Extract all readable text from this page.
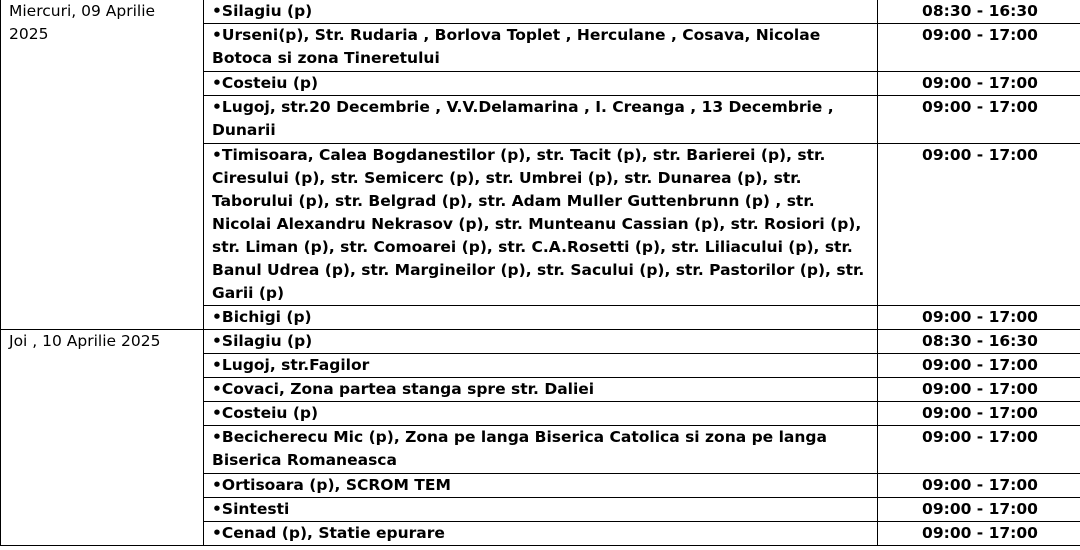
Miercuri, 09 Aprilie 2025	•Silagiu (p)	08:30 - 16:30
	•Urseni(p), Str. Rudaria , Borlova Toplet , Herculane , Cosava, Nicolae Botoca si zona Tineretului	09:00 - 17:00
	•Costeiu (p)	09:00 - 17:00
	•Lugoj, str.20 Decembrie , V.V.Delamarina , I. Creanga , 13 Decembrie , Dunarii	09:00 - 17:00
	•Timisoara, Calea Bogdanestilor (p), str. Tacit (p), str. Barierei (p), str. Ciresului (p), str. Semicerc (p), str. Umbrei (p), str. Dunarea (p), str. Taborului (p), str. Belgrad (p), str. Adam Muller Guttenbrunn (p) , str. Nicolai Alexandru Nekrasov (p), str. Munteanu Cassian (p), str. Rosiori (p), str. Liman (p), str. Comoarei (p), str. C.A.Rosetti (p), str. Liliacului (p), str. Banul Udrea (p), str. Margineilor (p), str. Sacului (p), str. Pastorilor (p), str. Garii (p)	09:00 - 17:00
	•Bichigi (p)	09:00 - 17:00
Joi , 10 Aprilie 2025	•Silagiu (p)	08:30 - 16:30
	•Lugoj, str.Fagilor	09:00 - 17:00
	•Covaci, Zona partea stanga spre str. Daliei	09:00 - 17:00
	•Costeiu (p)	09:00 - 17:00
	•Becicherecu Mic (p), Zona pe langa Biserica Catolica si zona pe langa Biserica Romaneasca	09:00 - 17:00
	•Ortisoara (p), SCROM TEM	09:00 - 17:00
	•Sintesti	09:00 - 17:00
	•Cenad (p), Statie epurare	09:00 - 17:00
